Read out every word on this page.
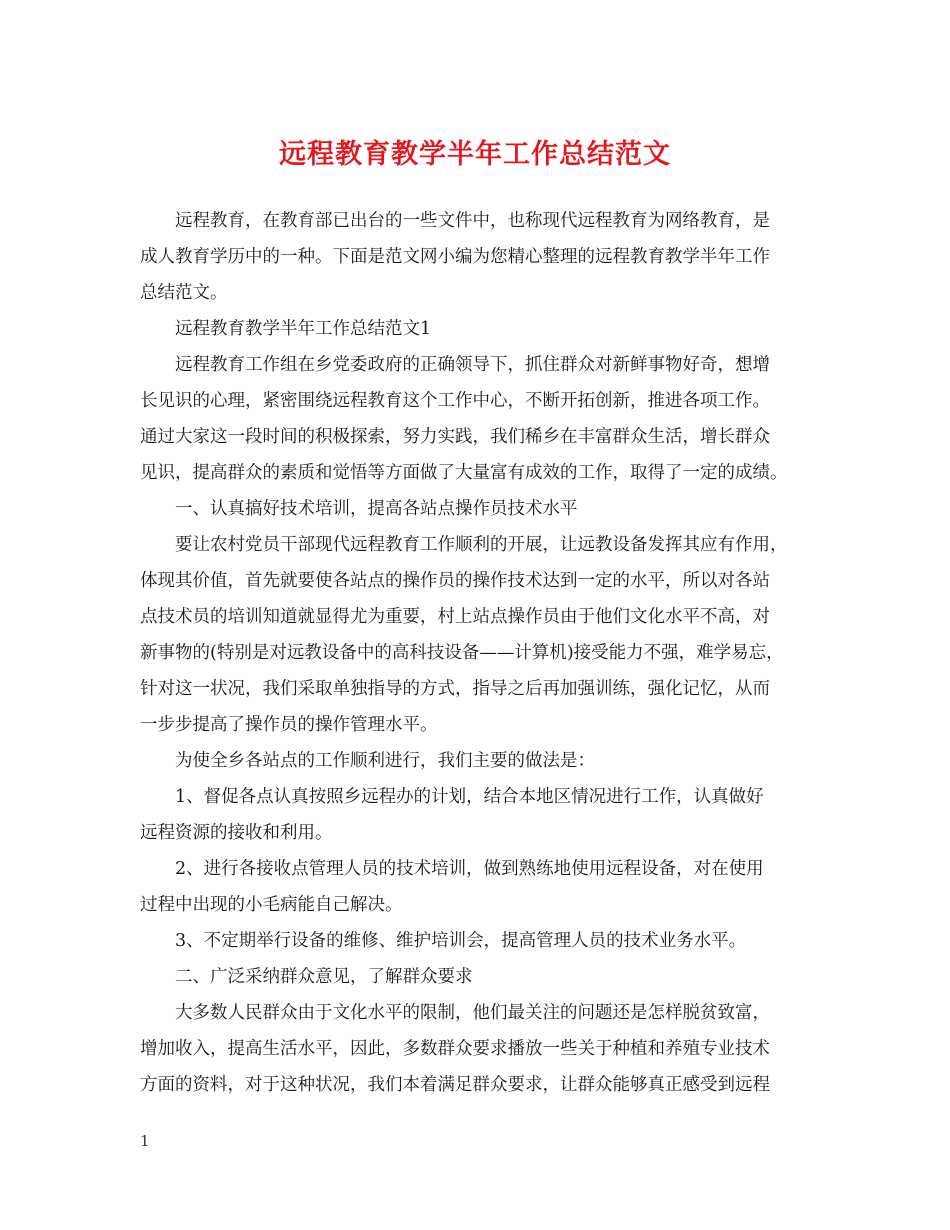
远程教育教学半年工作总结范文

远程教育，在教育部已出台的一些文件中，也称现代远程教育为网络教育，是
成人教育学历中的一种。下面是范文网小编为您精心整理的远程教育教学半年工作
总结范文。

远程教育教学半年工作总结范文1

远程教育工作组在乡党委政府的正确领导下，抓住群众对新鲜事物好奇，想增
长见识的心理，紧密围绕远程教育这个工作中心，不断开拓创新，推进各项工作。
通过大家这一段时间的积极探索，努力实践，我们稀乡在丰富群众生活，增长群众
见识，提高群众的素质和觉悟等方面做了大量富有成效的工作，取得了一定的成绩。

一、认真搞好技术培训，提高各站点操作员技术水平

要让农村党员干部现代远程教育工作顺利的开展，让远教设备发挥其应有作用，
体现其价值，首先就要使各站点的操作员的操作技术达到一定的水平，所以对各站
点技术员的培训知道就显得尤为重要，村上站点操作员由于他们文化水平不高，对
新事物的(特别是对远教设备中的高科技设备——计算机)接受能力不强，难学易忘，
针对这一状况，我们采取单独指导的方式，指导之后再加强训练，强化记忆，从而
一步步提高了操作员的操作管理水平。

为使全乡各站点的工作顺利进行，我们主要的做法是：

1、督促各点认真按照乡远程办的计划，结合本地区情况进行工作，认真做好
远程资源的接收和利用。

2、进行各接收点管理人员的技术培训，做到熟练地使用远程设备，对在使用
过程中出现的小毛病能自己解决。

3、不定期举行设备的维修、维护培训会，提高管理人员的技术业务水平。

二、广泛采纳群众意见，了解群众要求

大多数人民群众由于文化水平的限制，他们最关注的问题还是怎样脱贫致富，
增加收入，提高生活水平，因此，多数群众要求播放一些关于种植和养殖专业技术
方面的资料，对于这种状况，我们本着满足群众要求，让群众能够真正感受到远程

1
